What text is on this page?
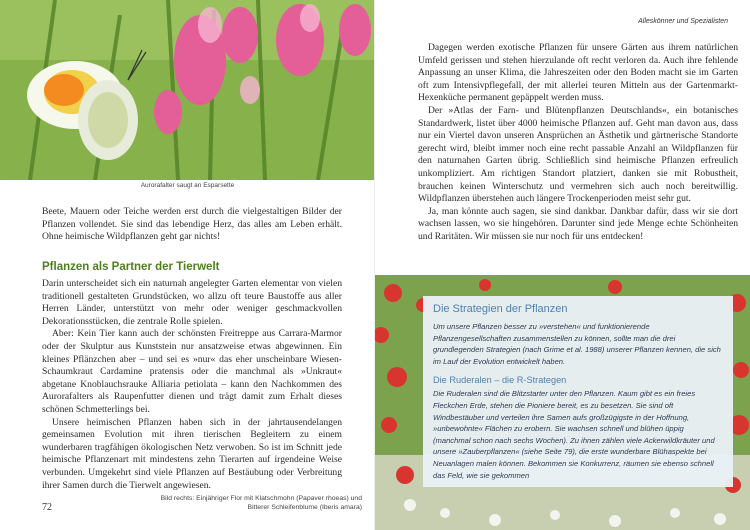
Aurorafalter saugt an Esparsette
Beete, Mauern oder Teiche werden erst durch die vielgestaltigen Bilder der Pflanzen vollendet. Sie sind das lebendige Herz, das alles am Leben erhält. Ohne heimische Wildpflanzen geht gar nichts!
Pflanzen als Partner der Tierwelt

Darin unterscheidet sich ein naturnah angelegter Garten elementar von vielen traditionell gestalteten Grundstücken, wo allzu oft teure Baustoffe aus aller Herren Länder, unterstützt von mehr oder weniger geschmackvollen Dekorationsstücken, die zentrale Rolle spielen.

Aber: Kein Tier kann auch der schönsten Freitreppe aus Carrara-Marmor oder der Skulptur aus Kunststein nur ansatzweise etwas abgewinnen. Ein kleines Pflänzchen aber – und sei es »nur« das eher unscheinbare Wiesen-Schaumkraut Cardamine pratensis oder die manchmal als »Unkraut« abgetane Knoblauchsrauke Alliaria petiolata – kann den Nachkommen des Aurorafalters als Raupenfutter dienen und trägt damit zum Erhalt dieses schönen Schmetterlings bei.

Unsere heimischen Pflanzen haben sich in der jahrtausendelangen gemeinsamen Evolution mit ihren tierischen Begleitern zu einem wunderbaren tragfähigen ökologischen Netz verwoben. So ist im Schnitt jede heimische Pflanzenart mit mindestens zehn Tierarten auf irgendeine Weise verbunden. Umgekehrt sind viele Pflanzen auf Bestäubung oder Verbreitung ihrer Samen durch die Tierwelt angewiesen.

72
Bild rechts: Einjähriger Flor mit Klatschmohn (Papaver rhoeas) und Bitterer Schleifenblume (Iberis amara)
Alleskönner und Spezialisten

Dagegen werden exotische Pflanzen für unsere Gärten aus ihrem natürlichen Umfeld gerissen und stehen hierzulande oft recht verloren da. Auch ihre fehlende Anpassung an unser Klima, die Jahreszeiten oder den Boden macht sie im Garten oft zum Intensivpflegefall, der mit allerlei teuren Mitteln aus der Gartenmarkt-Hexenküche permanent gepäppelt werden muss.

Der »Atlas der Farn- und Blütenpflanzen Deutschlands«, ein botanisches Standardwerk, listet über 4000 heimische Pflanzen auf. Geht man davon aus, dass nur ein Viertel davon unseren Ansprüchen an Ästhetik und gärtnerische Standorte gerecht wird, bleibt immer noch eine recht passable Anzahl an Wildpflanzen für den naturnahen Garten übrig. Schließlich sind heimische Pflanzen erfreulich unkompliziert. Am richtigen Standort platziert, danken sie mit Robustheit, brauchen keinen Winterschutz und vermehren sich auch noch bereitwillig. Wildpflanzen überstehen auch längere Trockenperioden meist sehr gut.

Ja, man könnte auch sagen, sie sind dankbar. Dankbar dafür, dass wir sie dort wachsen lassen, wo sie hingehören. Darunter sind jede Menge echte Schönheiten und Raritäten. Wir müssen sie nur noch für uns entdecken!

Die Strategien der Pflanzen

Um unsere Pflanzen besser zu »verstehen« und funktionierende Pflanzengesellschaften zusammenstellen zu können, sollte man die drei grundlegenden Strategien (nach Grime et al. 1988) unserer Pflanzen kennen, die sich im Lauf der Evolution entwickelt haben.

Die Ruderalen – die R-Strategen

Die Ruderalen sind die Blitzstarter unter den Pflanzen. Kaum gibt es ein freies Fleckchen Erde, stehen die Pioniere bereit, es zu besetzen. Sie sind oft Windbestäuber und verteilen ihre Samen aufs großzügigste in der Hoffnung, »unbewohnte« Flächen zu erobern. Sie wachsen schnell und blühen üppig (manchmal schon nach sechs Wochen). Zu ihnen zählen viele Ackerwildkräuter und unsere »Zauberpflanzen« (siehe Seite 79), die erste wunderbare Blühaspekte bei Neuanlagen malen können. Bekommen sie Konkurrenz, räumen sie ebenso schnell das Feld, wie sie gekommen
